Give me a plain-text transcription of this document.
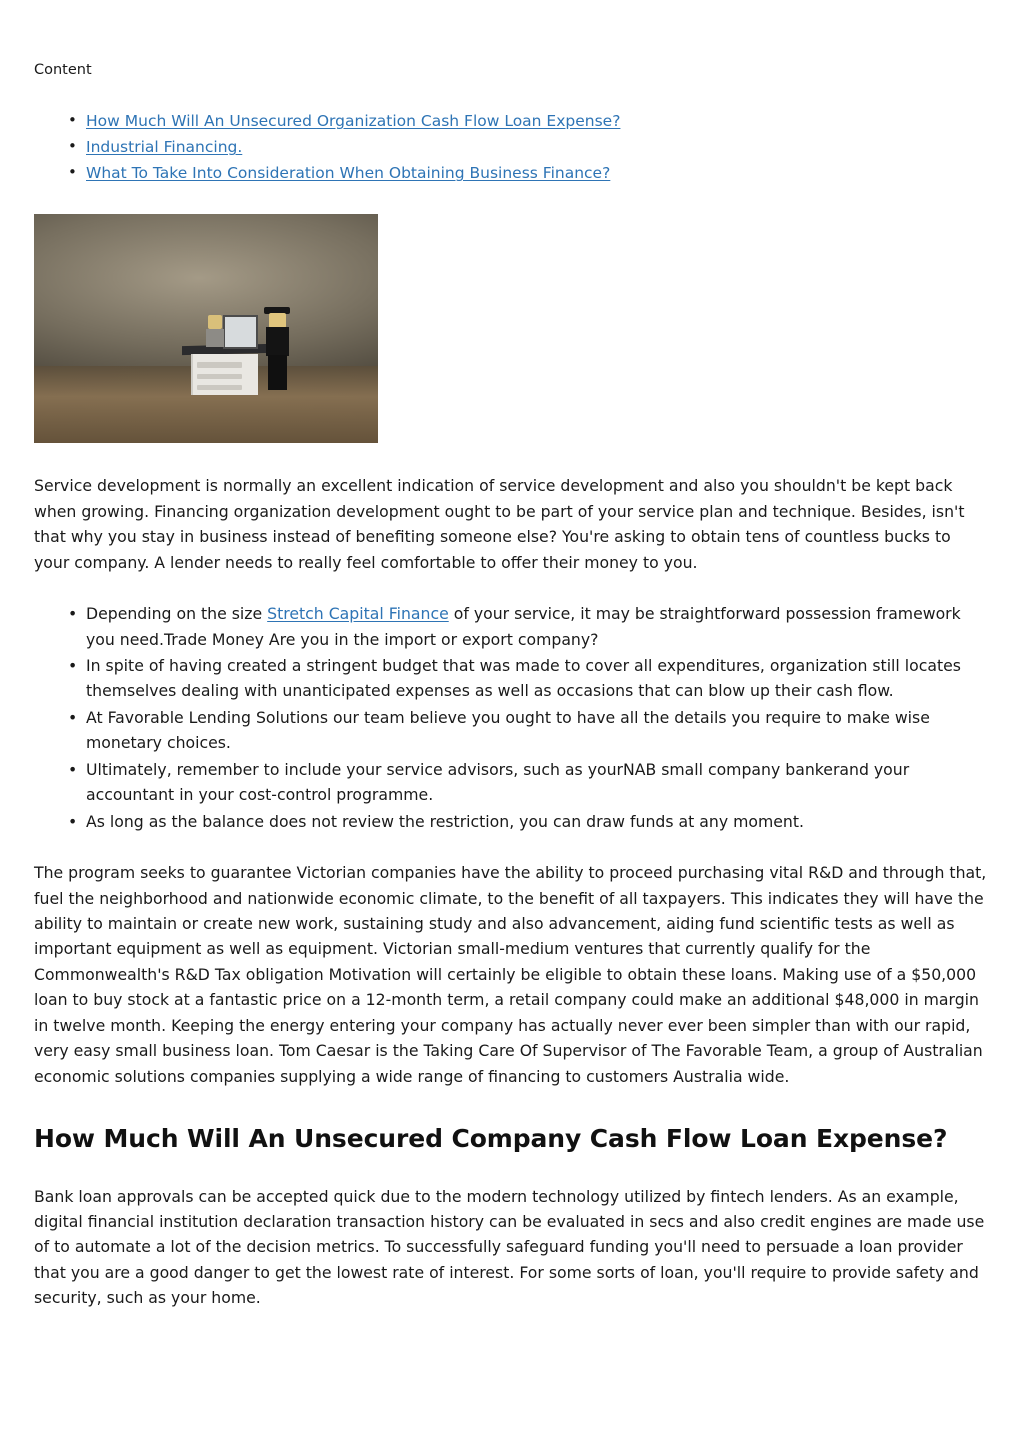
Content

• How Much Will An Unsecured Organization Cash Flow Loan Expense?
• Industrial Financing.
• What To Take Into Consideration When Obtaining Business Finance?

Service development is normally an excellent indication of service development and also you shouldn't be kept back when growing. Financing organization development ought to be part of your service plan and technique. Besides, isn't that why you stay in business instead of benefiting someone else? You're asking to obtain tens of countless bucks to your company. A lender needs to really feel comfortable to offer their money to you.

• Depending on the size Stretch Capital Finance of your service, it may be straightforward possession framework you need.Trade Money Are you in the import or export company?
• In spite of having created a stringent budget that was made to cover all expenditures, organization still locates themselves dealing with unanticipated expenses as well as occasions that can blow up their cash flow.
• At Favorable Lending Solutions our team believe you ought to have all the details you require to make wise monetary choices.
• Ultimately, remember to include your service advisors, such as yourNAB small company bankerand your accountant in your cost-control programme.
• As long as the balance does not review the restriction, you can draw funds at any moment.

The program seeks to guarantee Victorian companies have the ability to proceed purchasing vital R&D and through that, fuel the neighborhood and nationwide economic climate, to the benefit of all taxpayers. This indicates they will have the ability to maintain or create new work, sustaining study and also advancement, aiding fund scientific tests as well as important equipment as well as equipment. Victorian small-medium ventures that currently qualify for the Commonwealth's R&D Tax obligation Motivation will certainly be eligible to obtain these loans. Making use of a $50,000 loan to buy stock at a fantastic price on a 12-month term, a retail company could make an additional $48,000 in margin in twelve month. Keeping the energy entering your company has actually never ever been simpler than with our rapid, very easy small business loan. Tom Caesar is the Taking Care Of Supervisor of The Favorable Team, a group of Australian economic solutions companies supplying a wide range of financing to customers Australia wide.

How Much Will An Unsecured Company Cash Flow Loan Expense?

Bank loan approvals can be accepted quick due to the modern technology utilized by fintech lenders. As an example, digital financial institution declaration transaction history can be evaluated in secs and also credit engines are made use of to automate a lot of the decision metrics. To successfully safeguard funding you'll need to persuade a loan provider that you are a good danger to get the lowest rate of interest. For some sorts of loan, you'll require to provide safety and security, such as your home.
